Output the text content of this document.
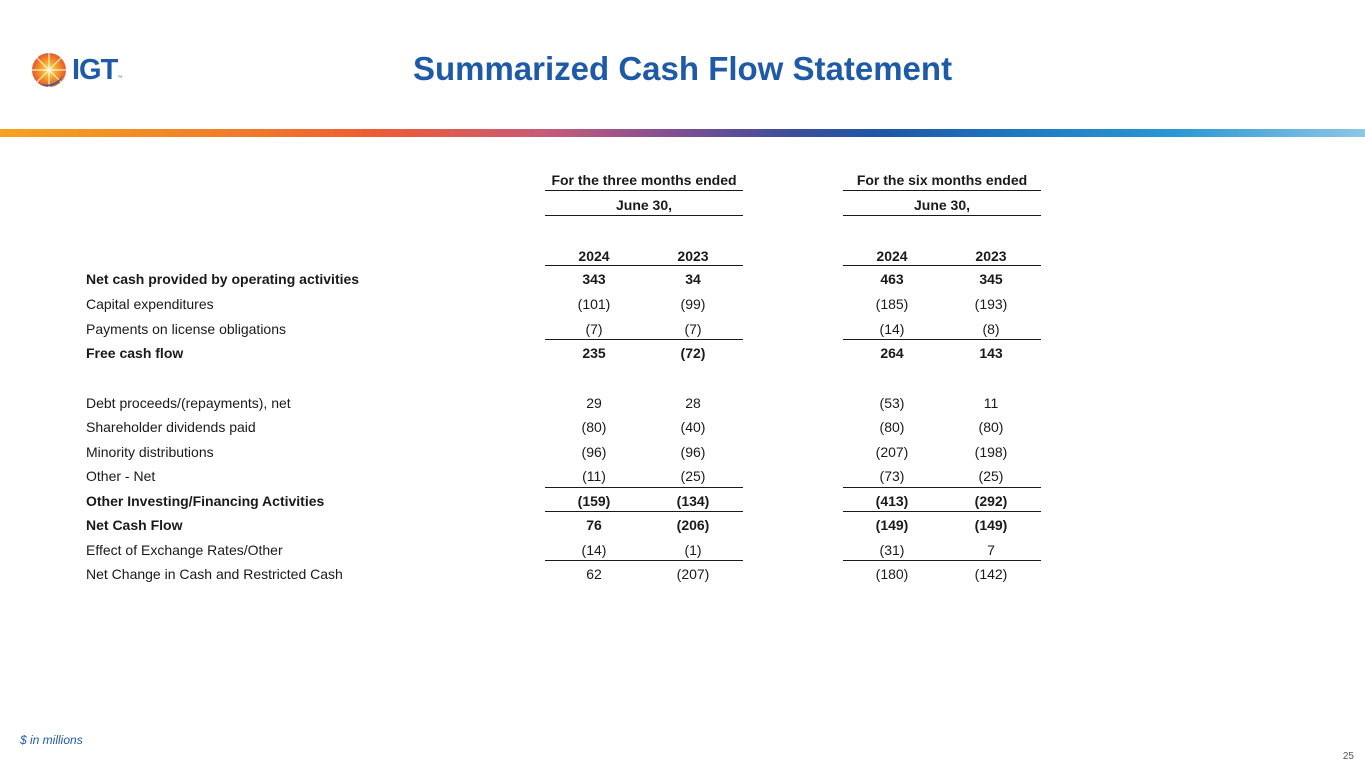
IGT ™	Summarized Cash Flow Statement
For the three months ended
June 30,
For the six months ended
June 30,
2024	2023	2024	2023
Net cash provided by operating activities	343	34	463	345
Capital expenditures	(101)	(99)	(185)	(193)
Payments on license obligations	(7)	(7)	(14)	(8)
Free cash flow	235	(72)	264	143
Debt proceeds/(repayments), net	29	28	(53)	11
Shareholder dividends paid	(80)	(40)	(80)	(80)
Minority distributions	(96)	(96)	(207)	(198)
Other - Net	(11)	(25)	(73)	(25)
Other Investing/Financing Activities	(159)	(134)	(413)	(292)
Net Cash Flow	76	(206)	(149)	(149)
Effect of Exchange Rates/Other	(14)	(1)	(31)	7
Net Change in Cash and Restricted Cash	62	(207)	(180)	(142)
$ in millions
25
